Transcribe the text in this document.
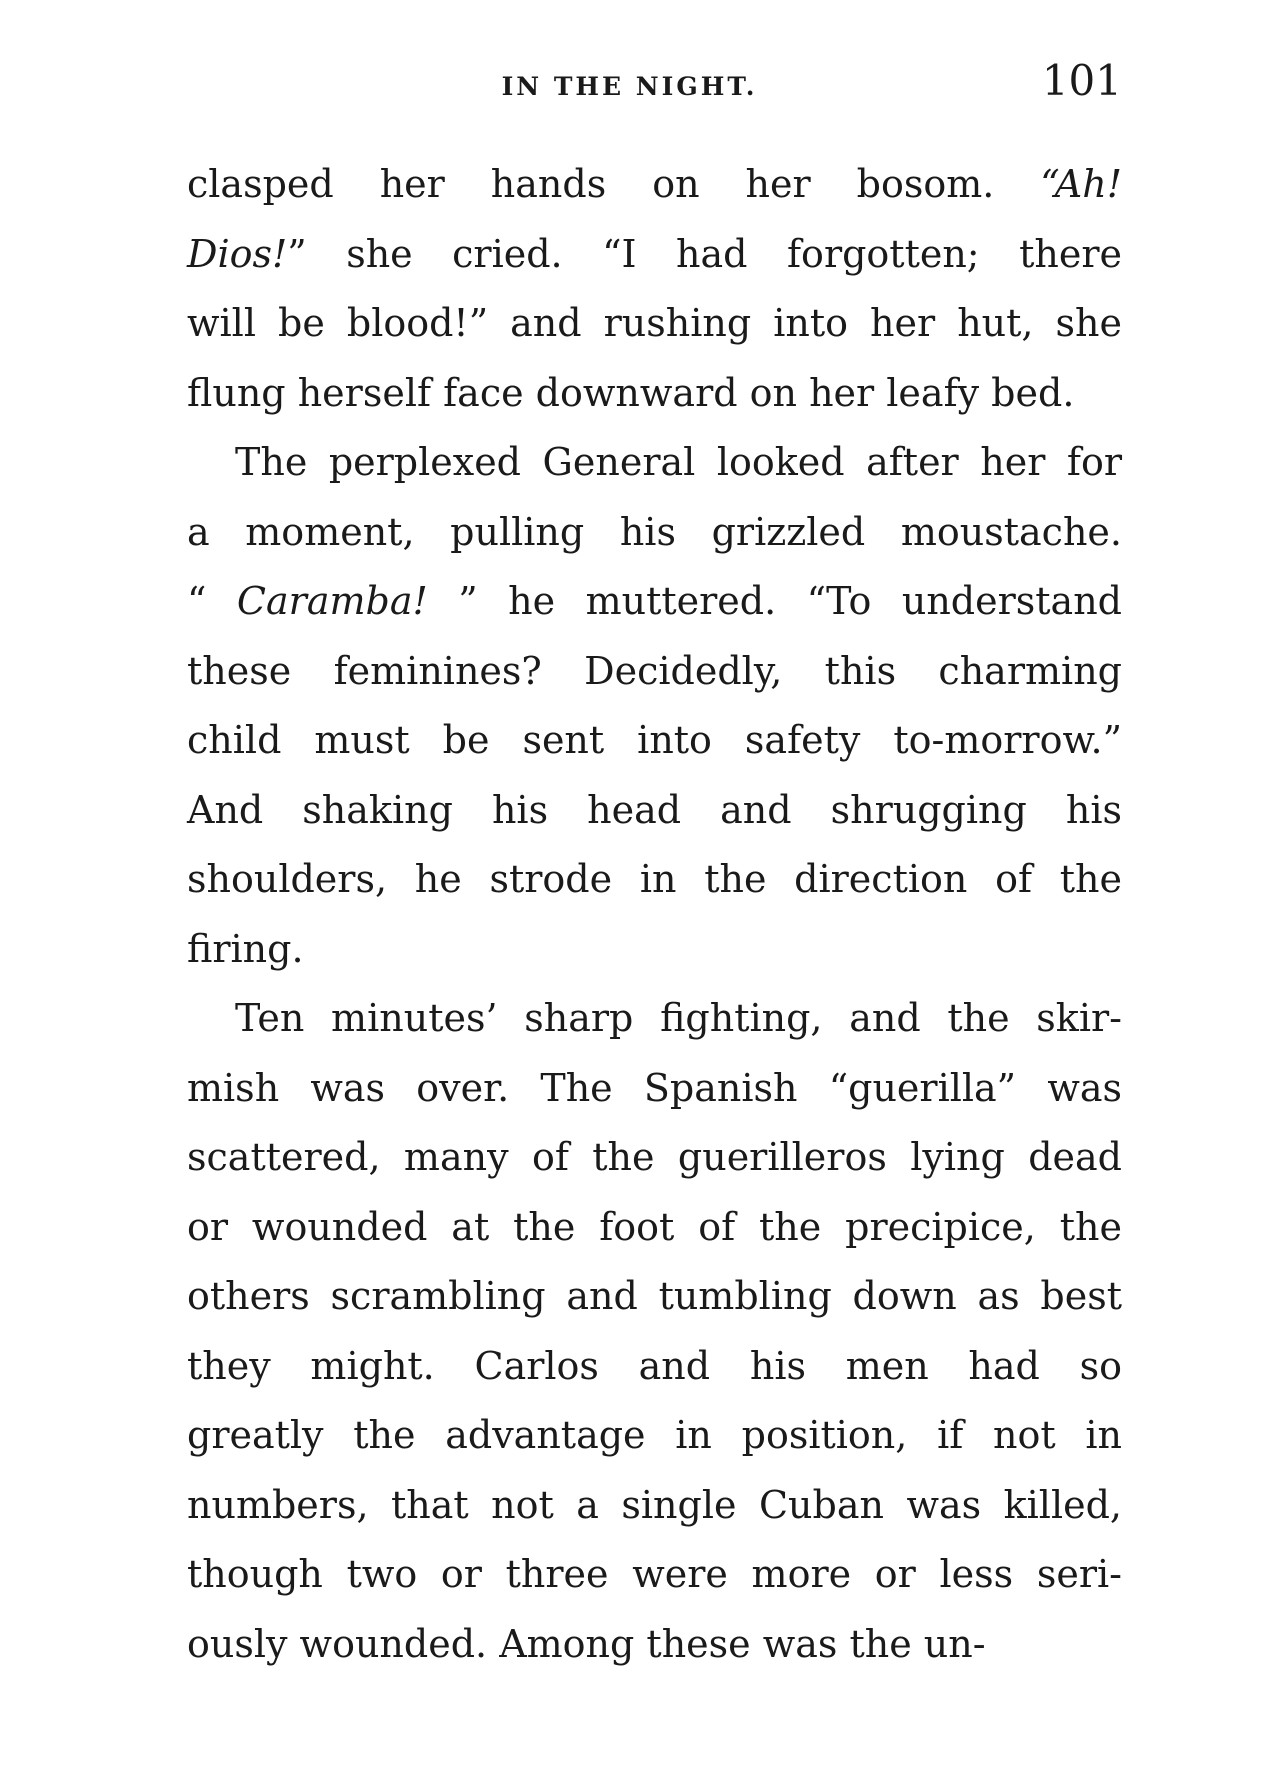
IN THE NIGHT.	101
clasped her hands on her bosom. “Ah!
Dios!” she cried. “I had forgotten; there
will be blood!” and rushing into her hut, she
flung herself face downward on her leafy bed.
The perplexed General looked after her for
a moment, pulling his grizzled moustache.
“ Caramba! ” he muttered. “To understand
these feminines? Decidedly, this charming
child must be sent into safety to-morrow.”
And shaking his head and shrugging his
shoulders, he strode in the direction of the
firing.
Ten minutes’ sharp fighting, and the skir-
mish was over. The Spanish “guerilla” was
scattered, many of the guerilleros lying dead
or wounded at the foot of the precipice, the
others scrambling and tumbling down as best
they might. Carlos and his men had so
greatly the advantage in position, if not in
numbers, that not a single Cuban was killed,
though two or three were more or less seri-
ously wounded. Among these was the un-
